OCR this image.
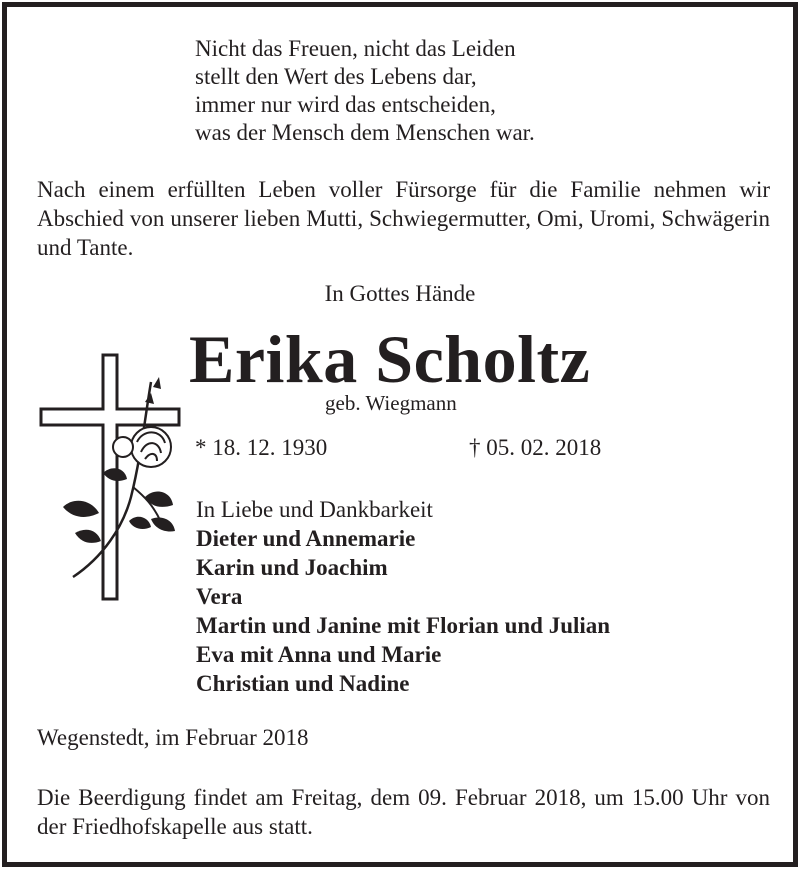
Nicht das Freuen, nicht das Leiden
stellt den Wert des Lebens dar,
immer nur wird das entscheiden,
was der Mensch dem Menschen war.
Nach einem erfüllten Leben voller Fürsorge für die Familie nehmen wir Abschied von unserer lieben Mutti, Schwiegermutter, Omi, Uromi, Schwägerin und Tante.
In Gottes Hände
Erika Scholtz
geb. Wiegmann
* 18. 12. 1930	† 05. 02. 2018
In Liebe und Dankbarkeit
Dieter und Annemarie
Karin und Joachim
Vera
Martin und Janine mit Florian und Julian
Eva mit Anna und Marie
Christian und Nadine
Wegenstedt, im Februar 2018
Die Beerdigung findet am Freitag, dem 09. Februar 2018, um 15.00 Uhr von der Friedhofskapelle aus statt.
